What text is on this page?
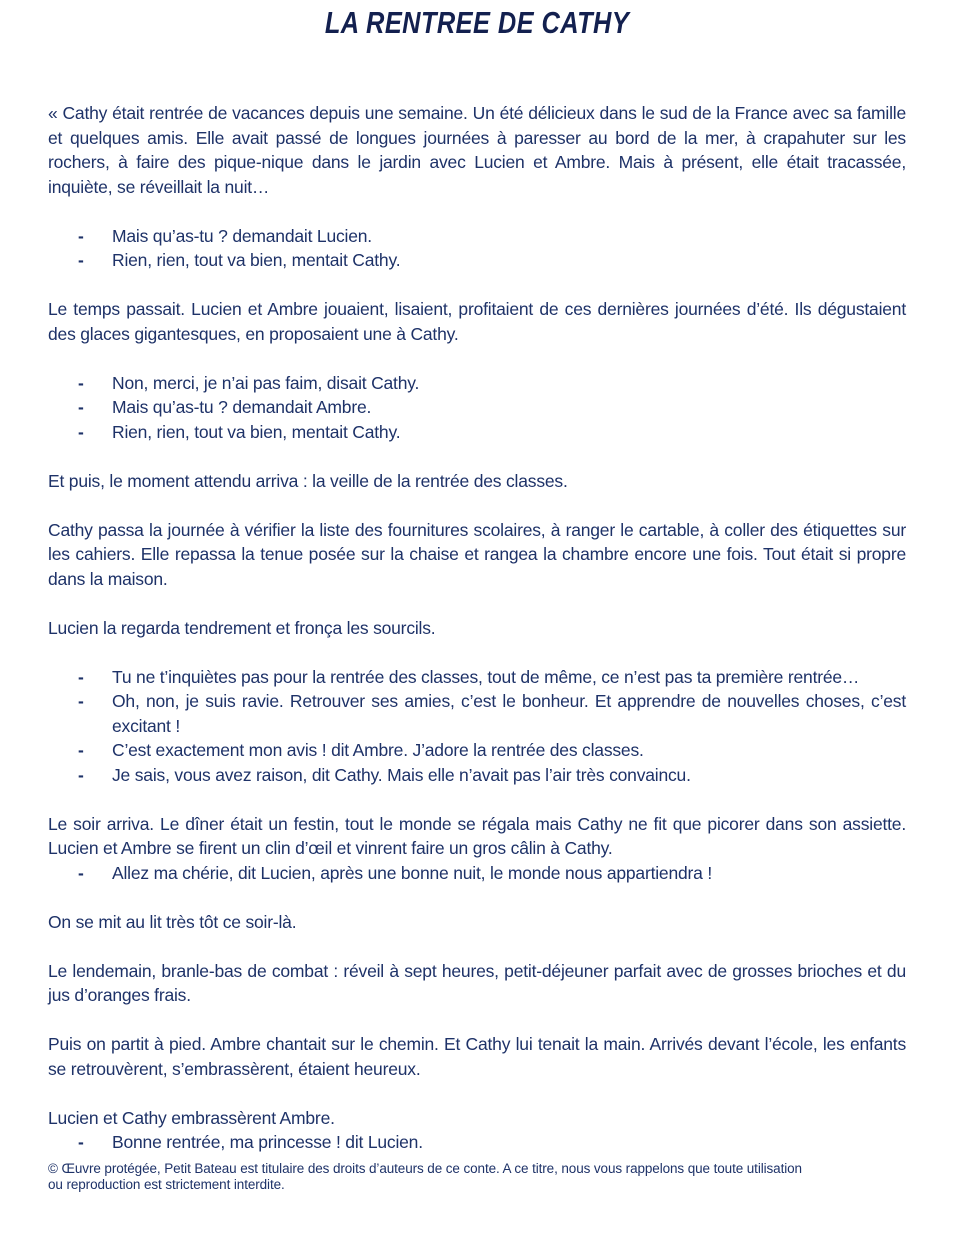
LA RENTREE DE CATHY

« Cathy était rentrée de vacances depuis une semaine. Un été délicieux dans le sud de la France avec sa famille et quelques amis. Elle avait passé de longues journées à paresser au bord de la mer, à crapahuter sur les rochers, à faire des pique-nique dans le jardin avec Lucien et Ambre. Mais à présent, elle était tracassée, inquiète, se réveillait la nuit…

-	Mais qu’as-tu ? demandait Lucien.
-	Rien, rien, tout va bien, mentait Cathy.

Le temps passait. Lucien et Ambre jouaient, lisaient, profitaient de ces dernières journées d’été. Ils dégustaient des glaces gigantesques, en proposaient une à Cathy.

-	Non, merci, je n’ai pas faim, disait Cathy.
-	Mais qu’as-tu ? demandait Ambre.
-	Rien, rien, tout va bien, mentait Cathy.

Et puis, le moment attendu arriva : la veille de la rentrée des classes.

Cathy passa la journée à vérifier la liste des fournitures scolaires, à ranger le cartable, à coller des étiquettes sur les cahiers. Elle repassa la tenue posée sur la chaise et rangea la chambre encore une fois. Tout était si propre dans la maison.

Lucien la regarda tendrement et fronça les sourcils.

-	Tu ne t’inquiètes pas pour la rentrée des classes, tout de même, ce n’est pas ta première rentrée…
-	Oh, non, je suis ravie. Retrouver ses amies, c’est le bonheur. Et apprendre de nouvelles choses, c’est excitant !
-	C’est exactement mon avis ! dit Ambre. J’adore la rentrée des classes.
-	Je sais, vous avez raison, dit Cathy. Mais elle n’avait pas l’air très convaincu.

Le soir arriva. Le dîner était un festin, tout le monde se régala mais Cathy ne fit que picorer dans son assiette. Lucien et Ambre se firent un clin d’œil et vinrent faire un gros câlin à Cathy.

-	Allez ma chérie, dit Lucien, après une bonne nuit, le monde nous appartiendra !

On se mit au lit très tôt ce soir-là.

Le lendemain, branle-bas de combat : réveil à sept heures, petit-déjeuner parfait avec de grosses brioches et du jus d’oranges frais.

Puis on partit à pied. Ambre chantait sur le chemin. Et Cathy lui tenait la main. Arrivés devant l’école, les enfants se retrouvèrent, s’embrassèrent, étaient heureux.

Lucien et Cathy embrassèrent Ambre.

-	Bonne rentrée, ma princesse ! dit Lucien.

© Œuvre protégée, Petit Bateau est titulaire des droits d’auteurs de ce conte. A ce titre, nous vous rappelons que toute utilisation ou reproduction est strictement interdite.
